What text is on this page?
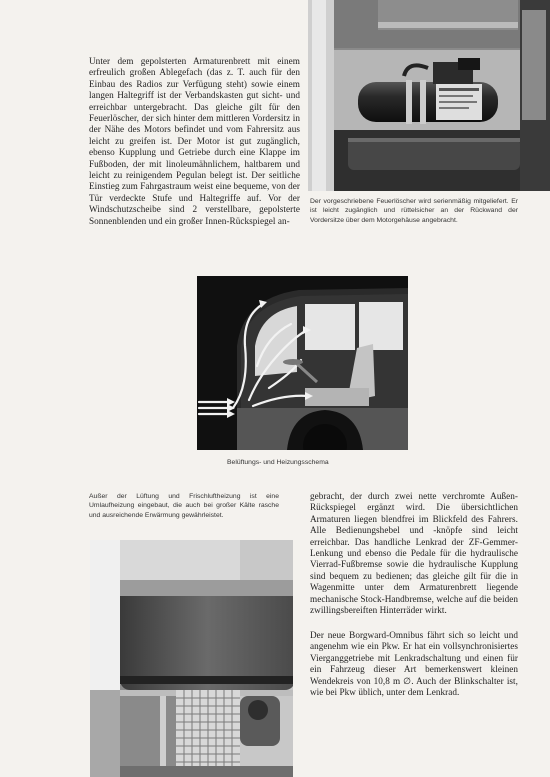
Unter dem gepolsterten Armaturenbrett mit einem erfreulich großen Ablegefach (das z. T. auch für den Einbau des Radios zur Verfügung steht) sowie einem langen Haltegriff ist der Verbandskasten gut sicht- und erreichbar untergebracht. Das gleiche gilt für den Feuerlöscher, der sich hinter dem mittleren Vordersitz in der Nähe des Motors befindet und vom Fahrersitz aus leicht zu greifen ist. Der Motor ist gut zugänglich, ebenso Kupplung und Getriebe durch eine Klappe im Fußboden, der mit linoleumähnlichem, haltbarem und leicht zu reinigendem Pegulan belegt ist. Der seitliche Einstieg zum Fahrgastraum weist eine bequeme, von der Tür verdeckte Stufe und Haltegriffe auf. Vor der Windschutzscheibe sind 2 verstellbare, gepolsterte Sonnenblenden und ein großer Innen-Rückspiegel an-

Der vorgeschriebene Feuerlöscher wird serienmäßig mitgeliefert. Er ist leicht zugänglich und rüttelsicher an der Rückwand der Vordersitze über dem Motorgehäuse angebracht.

Belüftungs- und Heizungsschema

Außer der Lüftung und Frischluftheizung ist eine Umlaufheizung eingebaut, die auch bei großer Kälte rasche und ausreichende Erwärmung gewährleistet.

gebracht, der durch zwei nette verchromte Außen-Rückspiegel ergänzt wird. Die übersichtlichen Armaturen liegen blendfrei im Blickfeld des Fahrers. Alle Bedienungshebel und -knöpfe sind leicht erreichbar. Das handliche Lenkrad der ZF-Gemmer-Lenkung und ebenso die Pedale für die hydraulische Vierrad-Fußbremse sowie die hydraulische Kupplung sind bequem zu bedienen; das gleiche gilt für die in Wagenmitte unter dem Armaturenbrett liegende mechanische Stock-Handbremse, welche auf die beiden zwillingsbereiften Hinterräder wirkt.

Der neue Borgward-Omnibus fährt sich so leicht und angenehm wie ein Pkw. Er hat ein vollsynchronisiertes Vierganggetriebe mit Lenkradschaltung und einen für ein Fahrzeug dieser Art bemerkenswert kleinen Wendekreis von 10,8 m ∅. Auch der Blinkschalter ist, wie bei Pkw üblich, unter dem Lenkrad.
